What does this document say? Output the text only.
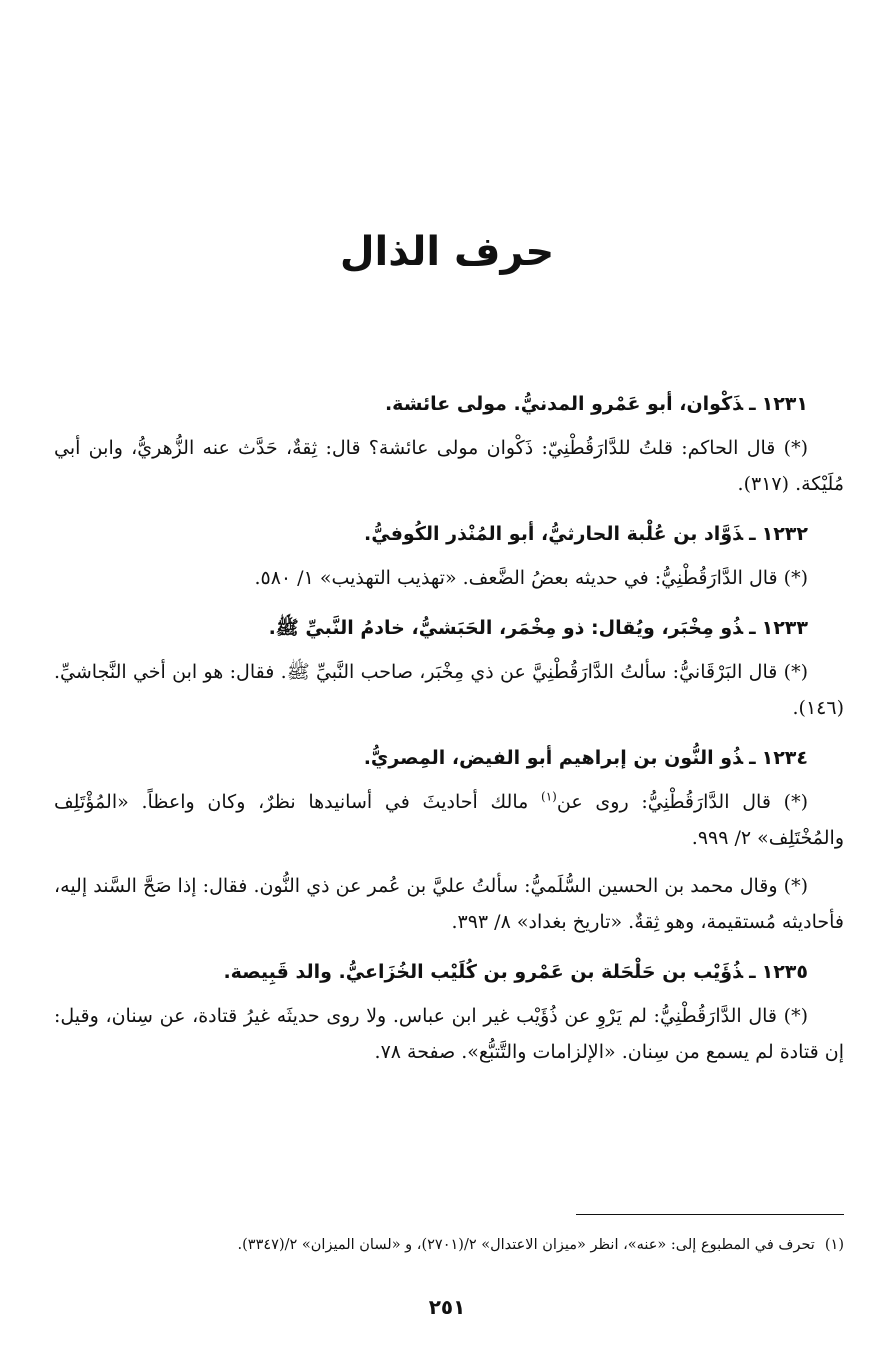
حرف الذال
١٢٣١ـذَكْوان، أبو عَمْرو المدنيُّ. مولى عائشة.

(*) قال الحاكم: قلتُ للدَّارَقُطْنِيّ: ذَكْوان مولى عائشة؟ قال: ثِقةٌ، حَدَّث عنه الزُّهريُّ، وابن أبي مُلَيْكة. (٣١٧).

١٢٣٢ـذَوَّاد بن عُلْبة الحارثيُّ، أبو المُنْذر الكُوفيُّ.

(*) قال الدَّارَقُطْنِيُّ: في حديثه بعضُ الضَّعف. «تهذيب التهذيب» ١/ ٥٨٠.

١٢٣٣ـذُو مِخْبَر، ويُقال: ذو مِخْمَر، الحَبَشيُّ، خادمُ النَّبيِّ ﷺ.

(*) قال البَرْقَانيُّ: سألتُ الدَّارَقُطْنِيَّ عن ذي مِخْبَر، صاحب النَّبيِّ ﷺ. فقال: هو ابن أخي النَّجاشيِّ. (١٤٦).

١٢٣٤ـذُو النُّون بن إبراهيم أبو الفيض، المِصريُّ.

(*) قال الدَّارَقُطْنِيُّ: روى عن$^{(١)}$ مالك أحاديثَ في أسانيدها نظرٌ، وكان واعظاً. «المُؤْتَلِف والمُخْتَلِف» ٢/ ٩٩٩.

(*) وقال محمد بن الحسين السُّلَميُّ: سألتُ عليَّ بن عُمر عن ذي النُّون. فقال: إذا صَحَّ السَّند إليه، فأحاديثه مُستقيمة، وهو ثِقةٌ. «تاريخ بغداد» ٨/ ٣٩٣.

١٢٣٥ـذُؤَيْب بن حَلْحَلة بن عَمْرو بن كُلَيْب الخُزَاعيُّ. والد قَبِيصة.

(*) قال الدَّارَقُطْنِيُّ: لم يَرْوِ عن ذُؤَيْب غير ابن عباس. ولا روى حديثَه غيرُ قتادة، عن سِنان، وقيل: إن قتادة لم يسمع من سِنان. «الإلزامات والتَّتبُّع». صفحة ٧٨.

(١)تحرف في المطبوع إلى: «عنه»، انظر «ميزان الاعتدال» ٢/(٢٧٠١)، و «لسان الميزان» ٢/(٣٣٤٧).

٢٥١
